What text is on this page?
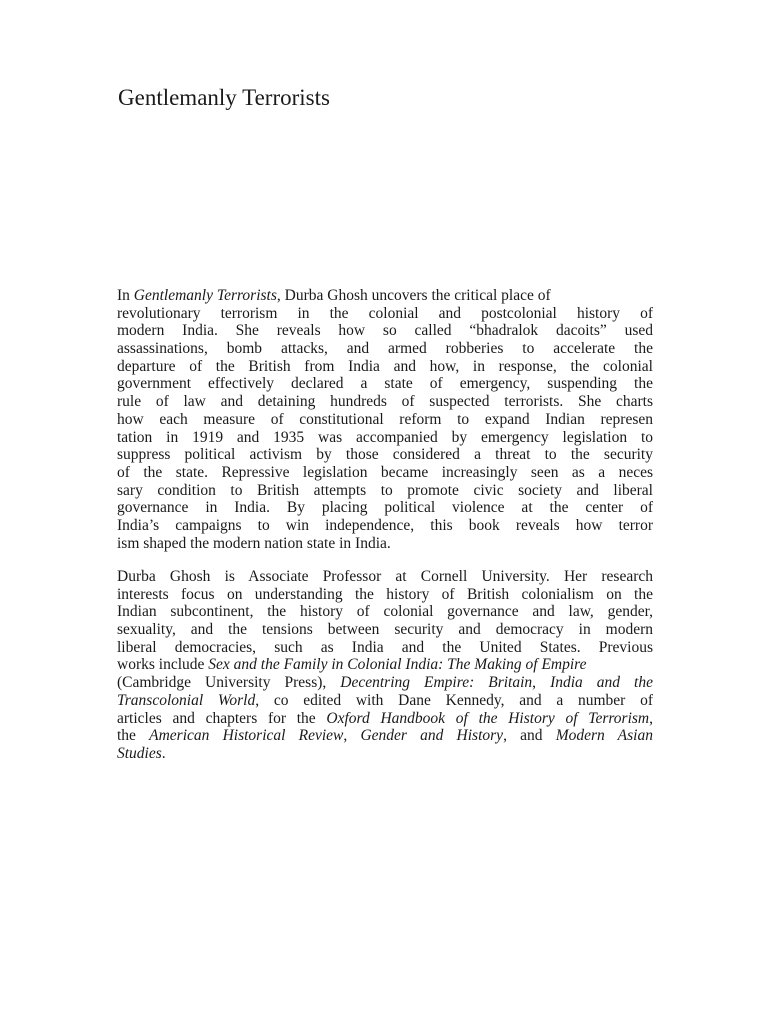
Gentlemanly Terrorists
In Gentlemanly Terrorists, Durba Ghosh uncovers the critical place of
revolutionary terrorism in the colonial and postcolonial history of
modern India. She reveals how so called “bhadralok dacoits” used
assassinations, bomb attacks, and armed robberies to accelerate the
departure of the British from India and how, in response, the colonial
government effectively declared a state of emergency, suspending the
rule of law and detaining hundreds of suspected terrorists. She charts
how each measure of constitutional reform to expand Indian represen
tation in 1919 and 1935 was accompanied by emergency legislation to
suppress political activism by those considered a threat to the security
of the state. Repressive legislation became increasingly seen as a neces
sary condition to British attempts to promote civic society and liberal
governance in India. By placing political violence at the center of
India’s campaigns to win independence, this book reveals how terror
ism shaped the modern nation state in India.
Durba Ghosh is Associate Professor at Cornell University. Her research
interests focus on understanding the history of British colonialism on the
Indian subcontinent, the history of colonial governance and law, gender,
sexuality, and the tensions between security and democracy in modern
liberal democracies, such as India and the United States. Previous
works include Sex and the Family in Colonial India: The Making of Empire
(Cambridge University Press), Decentring Empire: Britain, India and the
Transcolonial World, co edited with Dane Kennedy, and a number of
articles and chapters for the Oxford Handbook of the History of Terrorism,
the American Historical Review, Gender and History, and Modern Asian
Studies.
